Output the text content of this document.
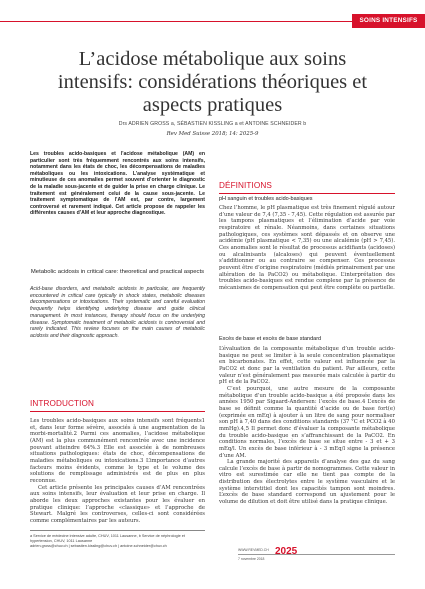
SOINS INTENSIFS
L’acidose métabolique aux soins intensifs: considérations théoriques et aspects pratiques
Drs ADRIEN GROSS a, SÉBASTIEN KISSLING a et ANTOINE SCHNEIDER b
Rev Med Suisse 2018; 14: 2025-9
Les troubles acido-basiques et l’acidose métabolique (AM) en particulier sont très fréquemment rencontrés aux soins intensifs, notamment dans les états de choc, les décompensations de maladies métaboliques ou les intoxications. L’analyse systématique et minutieuse de ces anomalies permet souvent d’orienter le diagnostic de la maladie sous-jacente et de guider la prise en charge clinique. Le traitement est généralement celui de la cause sous-jacente. Le traitement symptomatique de l’AM est, par contre, largement controversé et rarement indiqué. Cet article propose de rappeler les différentes causes d’AM et leur approche diagnostique.
Metabolic acidosis in critical care: theoretical and practical aspects
Acid-base disorders, and metabolic acidosis in particular, are frequently encountered in critical care typically in shock states, metabolic diseases decompensations or intoxications. Their systematic and careful evaluation frequently helps identifying underlying disease and guide clinical management. In most instances, therapy should focus on the underlying disease. Symptomatic treatment of metabolic acidosis is controversial and rarely indicated. This review focuses on the main causes of metabolic acidosis and their diagnostic approach.
INTRODUCTION

Les troubles acido-basiques aux soins intensifs sont fréquents1 et, dans leur forme sévère, associés à une augmentation de la morbi-mortalité.2 Parmi ces anomalies, l’acidose métabolique (AM) est la plus communément rencontrée avec une incidence pouvant atteindre 64%.3 Elle est associée à de nombreuses situations pathologiques: états de choc, décompensations de maladies métaboliques ou intoxications.3 L’importance d’autres facteurs moins évidents, comme le type et le volume des solutions de remplissage administrés est de plus en plus reconnue.

Cet article présente les principales causes d’AM rencontrées aux soins intensifs, leur évaluation et leur prise en charge. Il aborde les deux approches existantes pour les évaluer en pratique clinique: l’approche «classique» et l’approche de Stewart. Malgré les controverses, celles-ci sont considérées comme complémentaires par les auteurs.

a Service de médecine intensive adulte, CHUV, 1011 Lausanne, b Service de néphrologie et hypertension, CHUV, 1011 Lausanne
adrien.gross@chuv.ch | sebastien.kissling@chuv.ch | antoine.schneider@chuv.ch
DÉFINITIONS
pH sanguin et troubles acido-basiques

Chez l’homme, le pH plasmatique est très finement régulé autour d’une valeur de 7,4 (7,35 - 7,45). Cette régulation est assurée par les tampons plasmatiques et l’élimination d’acide par voie respiratoire et rénale. Néanmoins, dans certaines situations pathologiques, ces systèmes sont dépassés et on observe une acidémie (pH plasmatique < 7,35) ou une alcalémie (pH > 7,45). Ces anomalies sont le résultat de processus acidifiants (acidoses) ou alcalinisants (alcaloses) qui peuvent éventuellement s’additionner ou au contraire se compenser. Ces processus peuvent être d’origine respiratoire (médiés primairement par une altération de la PaCO2) ou métabolique. L’interprétation des troubles acido-basiques est rendue complexe par la présence de mécanismes de compensation qui peut être complète ou partielle.

Excès de base et excès de base standard

L’évaluation de la composante métabolique d’un trouble acido-basique ne peut se limiter à la seule concentration plasmatique en bicarbonates. En effet, cette valeur est influencée par la PaCO2 et donc par la ventilation du patient. Par ailleurs, cette valeur n’est généralement pas mesurée mais calculée à partir du pH et de la PaCO2.

C’est pourquoi, une autre mesure de la composante métabolique d’un trouble acido-basique a été proposée dans les années 1950 par Sigaard-Andersen: l’excès de base.4 L’excès de base se définit comme la quantité d’acide ou de base fort(e) (exprimée en mEq) à ajouter à un litre de sang pour normaliser son pH à 7,40 dans des conditions standards (37 °C et PCO2 à 40 mmHg).4,5 Il permet donc d’évaluer la composante métabolique du trouble acido-basique en s’affranchissant de la PaCO2. En conditions normales, l’excès de base se situe entre - 3 et + 3 mEq/l. Un excès de base inférieur à - 3 mEq/l signe la présence d’une AM.

La grande majorité des appareils d’analyse des gaz du sang calcule l’excès de base à partir de nomogrammes. Cette valeur in vitro est surestimée car elle ne tient pas compte de la distribution des électrolytes entre le système vasculaire et le système interstitiel dont les capacités tampon sont moindres. L’excès de base standard correspond un ajustement pour le volume de dilution et doit être utilisé dans la pratique clinique.

WWW.REVMED.CH
7 novembre 2018
2025
